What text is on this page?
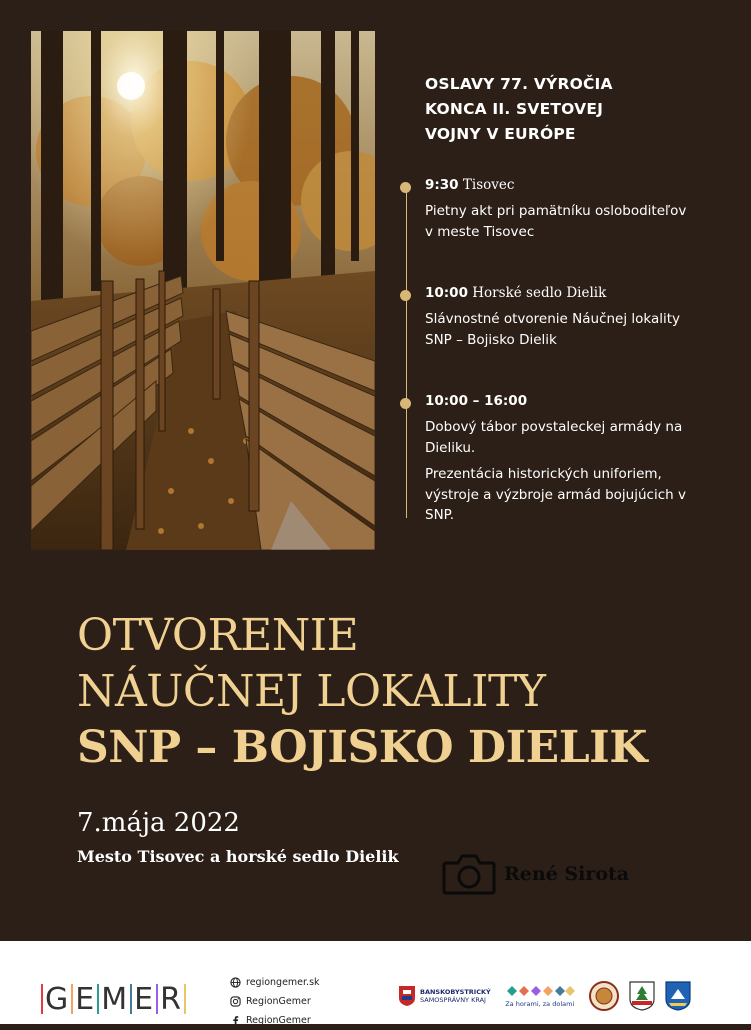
OSLAVY 77. VÝROČIA
KONCA II. SVETOVEJ
VOJNY V EURÓPE
9:30 Tisovec

Pietny akt pri pamätníku osloboditeľov v meste Tisovec

10:00 Horské sedlo Dielik

Slávnostné otvorenie Náučnej lokality SNP – Bojisko Dielik

10:00 – 16:00

Dobový tábor povstaleckej armády na Dieliku.

Prezentácia historických uniforiem, výstroje a výzbroje armád bojujúcich v SNP.

OTVORENIE
NÁUČNEJ LOKALITY
SNP – BOJISKO DIELIK
7.mája 2022
Mesto Tisovec a horské sedlo Dielik
René Sirota
G E M E R	regiongemer.sk
RegionGemer
RegionGemer
BANSKOBYSTRICKÝ
SAMOSPRÁVNY KRAJ	Za horami, za dolami
